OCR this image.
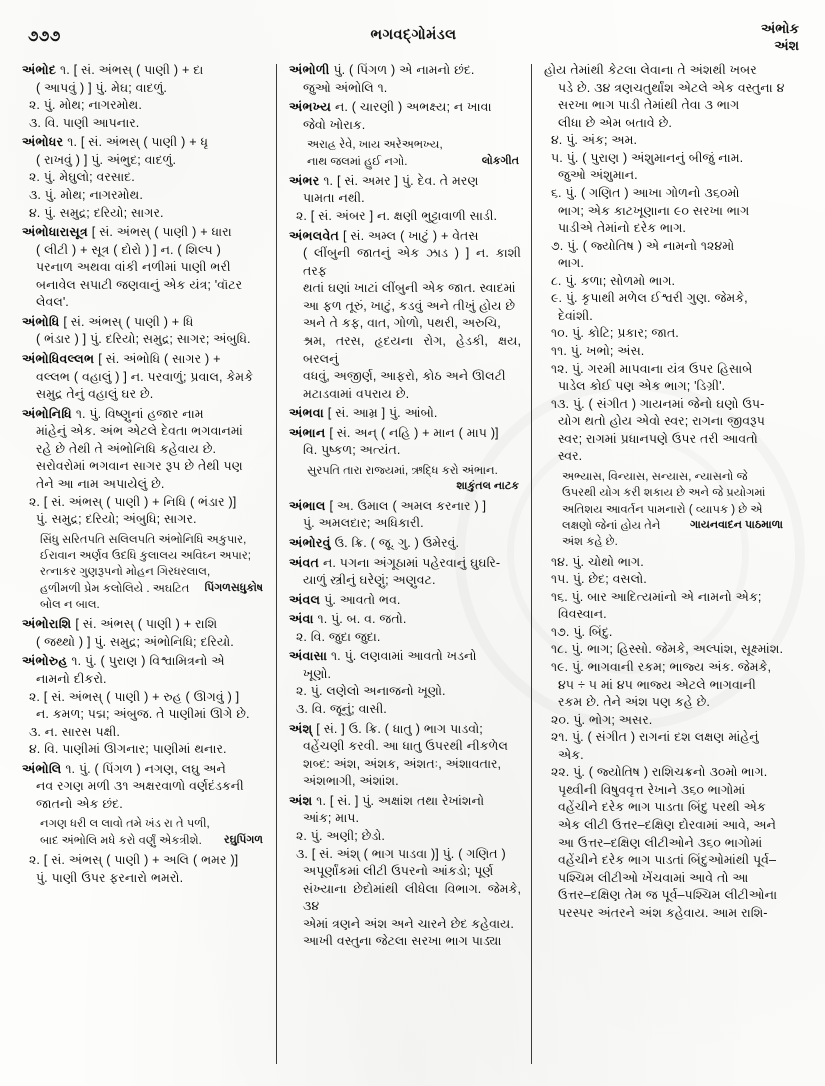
૭૭૭	ભગવદ્ગોમંડલ	અંભોક
અંશ
અંભોદ ૧. [ સં. અંભસ્ ( પાણી ) + દા
( આપવું ) ] પું. મેઘ; વાદળું.
૨. પું. મોથ; નાગરમોથ.
૩. વિ. પાણી આપનાર.
અંભોધર ૧. [ સં. અંભસ્ ( પાણી ) + ધૃ
( રાખવું ) ] પું. અંભુદ; વાદળું.
૨. પું. મેઘુલો; વરસાદ.
૩. પું. મોથ; નાગરમોથ.
૪. પું. સમુદ્ર; દરિયો; સાગર.
અંભોધારાસૂત્ર [ સં. અંભસ્ ( પાણી ) + ધારા
( લીટી ) + સૂત્ર ( દોરો ) ] ન. ( શિલ્પ )
પરનાળ અથવા વાંકી નળીમાં પાણી ભરી
બનાવેલ સપાટી જણવાનું એક યંત્ર; 'વૉટર
લેવલ'.
અંભોધિ [ સં. અંભસ્ ( પાણી ) + ધિ
( ભંડાર ) ] પું. દરિયો; સમુદ્ર; સાગર; અંબુધિ.
અંભોધિવલ્લભ [ સં. અંભોધિ ( સાગર ) +
વલ્લભ ( વહાલું ) ] ન. પરવાળું; પ્રવાલ, કેમકે
સમુદ્ર તેનું વહાલું ઘર છે.
અંભોનિધિ ૧. પું. વિષ્ણુનાં હજાર નામ
માંહેનું એક. અંભ એટલે દેવતા ભગવાનમાં
રહે છે તેથી તે અંભોનિધિ કહેવાય છે.
સરોવરોમાં ભગવાન સાગર રૂપ છે તેથી પણ
તેને આ નામ અપાયેલું છે.
૨. [ સં. અંભસ્ ( પાણી ) + નિધિ ( ભંડાર )]
પું. સમુદ્ર; દરિયો; અંબુધિ; સાગર.
સિંધુ સરિતપતિ સલિલપતિ અંભોનિધિ અકુપાર,
ઈરાવાન અર્ણવ ઉદધિ કુલાલય અવિઘ્ન અપાર;
રત્નાકર ગુણરૂપનો મોહન ગિરધરલાલ,
હળીમળી પ્રેમ કલોલિયે . અઘટિત બોલ ન બાલ.
પિંગળસધુકોષ
અંભોરાશિ [ સં. અંભસ્ ( પાણી ) + રાશિ
( જથ્થો ) ] પું. સમુદ્ર; અંભોનિધિ; દરિયો.
અંભોરુહ ૧. પું. ( પુરાણ ) વિશ્વામિત્રનો એ
નામનો દીકરો.
૨. [ સં. અંભસ્ ( પાણી ) + રુહ ( ઊગવું ) ]
ન. કમળ; પદ્મ; અંબુજ. તે પાણીમાં ઊગે છે.
૩. ન. સારસ પક્ષી.
૪. વિ. પાણીમાં ઊગનાર; પાણીમાં થનાર.
અંભોલિ ૧. પું. ( પિંગળ ) નગણ, લઘુ અને
નવ રગણ મળી ૩૧ અક્ષરવાળો વર્ણદંડકની
જાતનો એક છંદ.
નગણ ધરી લ લાવો તમે ખંડ રા તે પળી,
બાદ અંભોલિ મધે કરો વર્ણું એકત્રીશે. રઘુપિંગળ
૨. [ સં. અંભસ્ ( પાણી ) + અલિ ( ભમર )]
પું. પાણી ઉપર ફરનારો ભમરો.
અંભોળી પું. ( પિંગળ ) એ નામનો છંદ.
જુઓ અંભોલિ ૧.
અંભખ્ય ન. ( ચારણી ) અભક્ષ્ય; ન ખાવા
જેવો ખોરાક.
અરાહ્ર રેવે, ખાય અરેઅભખ્ય,
નાથ જલમાં હુઈ નગો.	લોકગીત
અંભર ૧. [ સં. અમર ] પું. દેવ. તે મરણ
પામતા નથી.
૨. [ સં. અંબર ] ન. ક્ષણી ભુટ્ટાવાળી સાડી.
અંભલવેત [ સં. અમ્લ ( ખાટું ) + વેતસ
( લીંબુની જાતનું એક ઝાડ ) ] ન. કાશી તરફ
થતાં ઘણાં ખાટાં લીંબુની એક જાત. સ્વાદમાં
આ ફળ તૂરું, ખાટું, કડવું અને તીખું હોય છે
અને તે કફ, વાત, ગોળો, પથરી, અરુચિ,
શ્રમ, તરસ, હૃદયના રોગ, હેડકી, ક્ષય, બરલનું
વધવું, અજીર્ણ, આફરો, કોઠ અને ઊલટી
મટાડવામાં વપરાય છે.
અંભવા [ સં. આમ્ર ] પું. આંબો.
અંભાન [ સં. અન્ ( નહિ ) + માન ( માપ )]
વિ. પુષ્કળ; અત્યંત.
સુરપતિ તારા રાજ્યમાં, ઋદ્ધિ કરો અંભાન.
શાકુંતલ નાટક
અંભાલ [ અ. ઉમાલ ( અમલ કરનાર ) ]
પું. અમલદાર; અધિકારી.
અંભોરવું ઉ. ક્રિ. ( જૂ. ગુ. ) ઉમેરવું.
અંવત ન. પગના અંગૂઠામાં પહેરવાનું ઘુઘરિ-
યાળું સ્ત્રીનું ઘરેણું; અણુવટ.
અંવલ પું. આવતો ભવ.
અંવા ૧. પું. બ. વ. જતો.
૨. વિ. જુદા જુદા.
અંવાસા ૧. પું. લણવામાં આવતો ખડનો
ખૂણો.
૨. પું. લણેલો અનાજનો ખૂણો.
૩. વિ. જૂનું; વાસી.
અંશ્ [ સં. ] ઉ. ક્રિ. ( ધાતુ ) ભાગ પાડવો;
વહેંચણી કરવી. આ ધાતુ ઉપરથી નીકળેલ
શબ્દ: અંશ, અંશક, અંશતઃ, અંશાવતાર,
અંશભાગી, અંશાંશ.
અંશ ૧. [ સં. ] પું. અક્ષાંશ તથા રેખાંશનો
આંક; માપ.
૨. પું. અણી; છેડો.
૩. [ સં. અંશ્ ( ભાગ પાડવા )] પું. ( ગણિત )
અપૂર્ણાંકમાં લીટી ઉપરનો આંકડો; પૂર્ણ
સંખ્યાના છેદોમાંથી લીધેલા વિભાગ. જેમકે, ૩૪
એમાં ત્રણને અંશ અને ચારને છેદ કહેવાય.
આખી વસ્તુના જેટલા સરખા ભાગ પાડ્યા
હોય તેમાંથી કેટલા લેવાના તે અંશથી ખબર
પડે છે. ૩૪ ત્રણચતુર્થાંશ એટલે એક વસ્તુના ૪
સરખા ભાગ પાડી તેમાંથી તેવા ૩ ભાગ
લીધા છે એમ બતાવે છે.
૪. પું. અંક; અમ.
૫. પું. ( પુરાણ ) અંશુમાનનું બીજું નામ.
જુઓ અંશુમાન.
૬. પું. ( ગણિત ) આખા ગોળનો ૩૬૦મો
ભાગ; એક કાટખૂણાના ૯૦ સરખા ભાગ
પાડીએ તેમાંનો દરેક ભાગ.
૭. પું. ( જ્યોતિષ ) એ નામનો ૧૨૪મો
ભાગ.
૮. પું. કળા; સોળમો ભાગ.
૯. પું. કૃપાથી મળેલ ઈશ્વરી ગુણ. જેમકે,
દેવાંશી.
૧૦. પું. કોટિ; પ્રકાર; જાત.
૧૧. પું. ખભો; અંસ.
૧૨. પું. ગરમી માપવાના યંત્ર ઉપર હિસાબે
પાડેલ કોઈ પણ એક ભાગ; 'ડિગ્રી'.
૧૩. પું. ( સંગીત ) ગાયનમાં જેનો ઘણો ઉપ-
યોગ થતો હોય એવો સ્વર; રાગના જીવરૂપ
સ્વર; રાગમાં પ્રધાનપણે ઉપર તરી આવતો
સ્વર.
અભ્યાસ, વિન્યાસ, સન્યાસ, ન્યાસનો જે
ઉપરથી યોગ કરી શકાય છે અને જે પ્રયોગમાં
અતિશય આવર્તન પામનારો ( વ્યાપક ) છે એ
લક્ષણો જેનાં હોય તેને અંશ કહે છે.
ગાયનવાદન પાઠમાળા
૧૪. પું. ચોથો ભાગ.
૧૫. પું. છેદ; વસલો.
૧૬. પું. બાર આદિત્યમાંનો એ નામનો એક;
વિવસ્વાન.
૧૭. પું. બિંદુ.
૧૮. પું. ભાગ; હિસ્સો. જેમકે, અલ્પાંશ, સૂક્ષ્માંશ.
૧૯. પું. ભાગવાની રકમ; ભાજ્ય અંક. જેમકે,
૪૫ ÷ ૫ માં ૪૫ ભાજ્ય એટલે ભાગવાની
રકમ છે. તેને અંશ પણ કહે છે.
૨૦. પું. ભોગ; અસર.
૨૧. પું. ( સંગીત ) રાગનાં દશ લક્ષણ માંહેનું
એક.
૨૨. પું. ( જ્યોતિષ ) રાશિચક્રનો ૩૦મો ભાગ.
પૃથ્વીની વિષુવવૃત્ત રેખાને ૩૬૦ ભાગોમાં
વહેંચીને દરેક ભાગ પાડતા બિંદુ પરથી એક
એક લીટી ઉત્તર–દક્ષિણ દોરવામાં આવે, અને
આ ઉત્તર–દક્ષિણ લીટીઓને ૩૬૦ ભાગોમાં
વહેંચીને દરેક ભાગ પાડતાં બિંદુઓમાંથી પૂર્વ–
પશ્ચિમ લીટીઓ ખેંચવામાં આવે તો આ
ઉત્તર–દક્ષિણ તેમ જ પૂર્વ–પશ્ચિમ લીટીઓના
પરસ્પર અંતરને અંશ કહેવાય. આમ રાશિ-
